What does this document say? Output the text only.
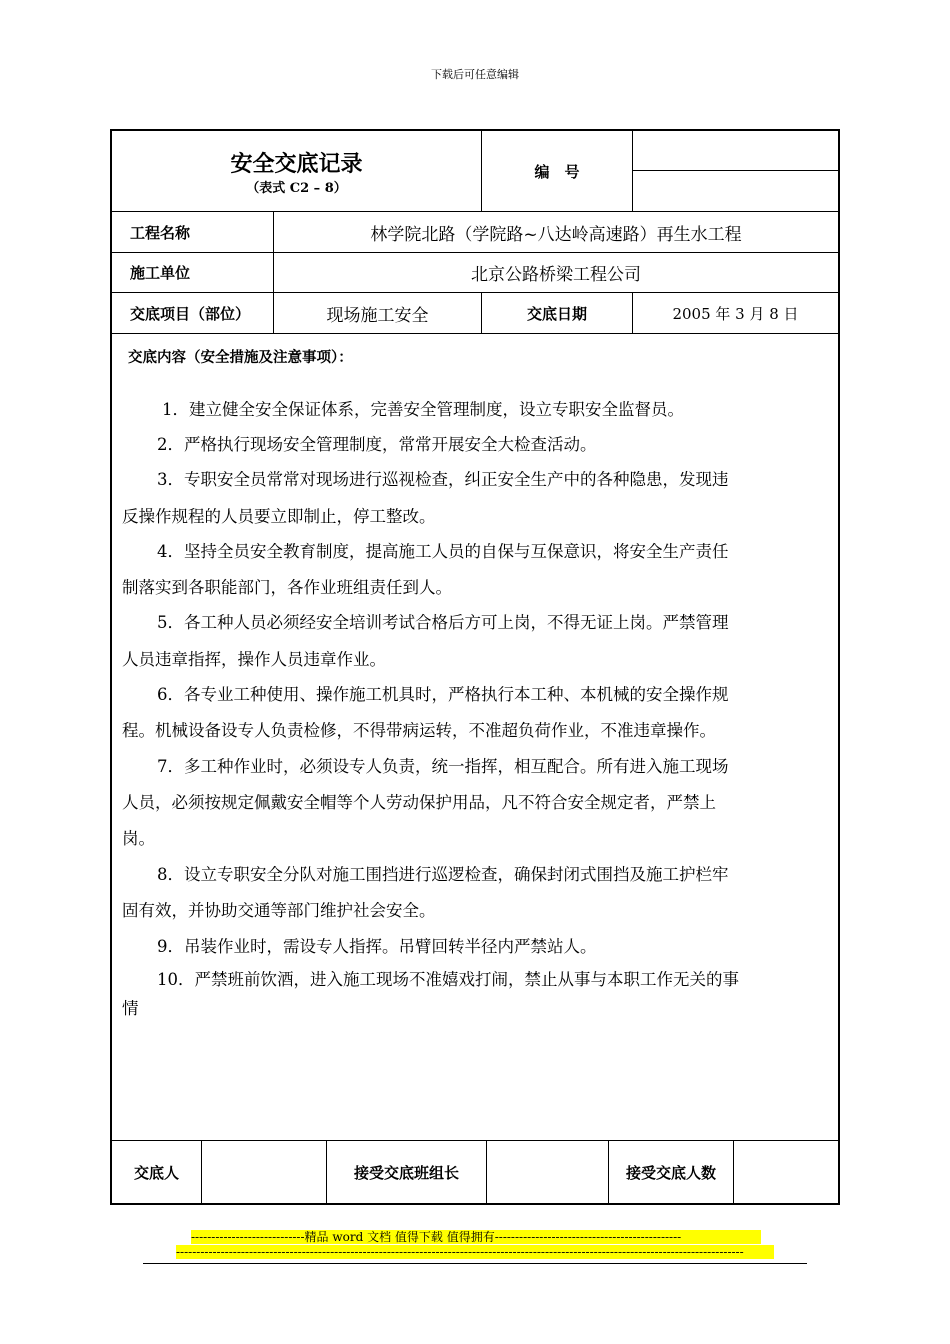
下载后可任意编辑
安全交底记录
（表式 C2 – 8）
编　号
工程名称	林学院北路（学院路~八达岭高速路）再生水工程
施工单位	北京公路桥梁工程公司
交底项目（部位）	现场施工安全	交底日期	2005 年 3 月 8 日
交底内容（安全措施及注意事项）：
1．建立健全安全保证体系，完善安全管理制度，设立专职安全监督员。
2．严格执行现场安全管理制度，常常开展安全大检查活动。
3．专职安全员常常对现场进行巡视检查，纠正安全生产中的各种隐患，发现违
反操作规程的人员要立即制止，停工整改。
4．坚持全员安全教育制度，提高施工人员的自保与互保意识，将安全生产责任
制落实到各职能部门，各作业班组责任到人。
5．各工种人员必须经安全培训考试合格后方可上岗，不得无证上岗。严禁管理
人员违章指挥，操作人员违章作业。
6．各专业工种使用、操作施工机具时，严格执行本工种、本机械的安全操作规
程。机械设备设专人负责检修，不得带病运转，不准超负荷作业，不准违章操作。
7．多工种作业时，必须设专人负责，统一指挥，相互配合。所有进入施工现场
人员，必须按规定佩戴安全帽等个人劳动保护用品，凡不符合安全规定者，严禁上
岗。
8．设立专职安全分队对施工围挡进行巡逻检查，确保封闭式围挡及施工护栏牢
固有效，并协助交通等部门维护社会安全。
9．吊装作业时，需设专人指挥。吊臂回转半径内严禁站人。
10．严禁班前饮酒，进入施工现场不准嬉戏打闹，禁止从事与本职工作无关的事
情
交底人	接受交底班组长	接受交底人数
----------------------------精品 word 文档 值得下载 值得拥有----------------------------------------------
--------------------------------------------------------------------------------------------------------------------------------------------
